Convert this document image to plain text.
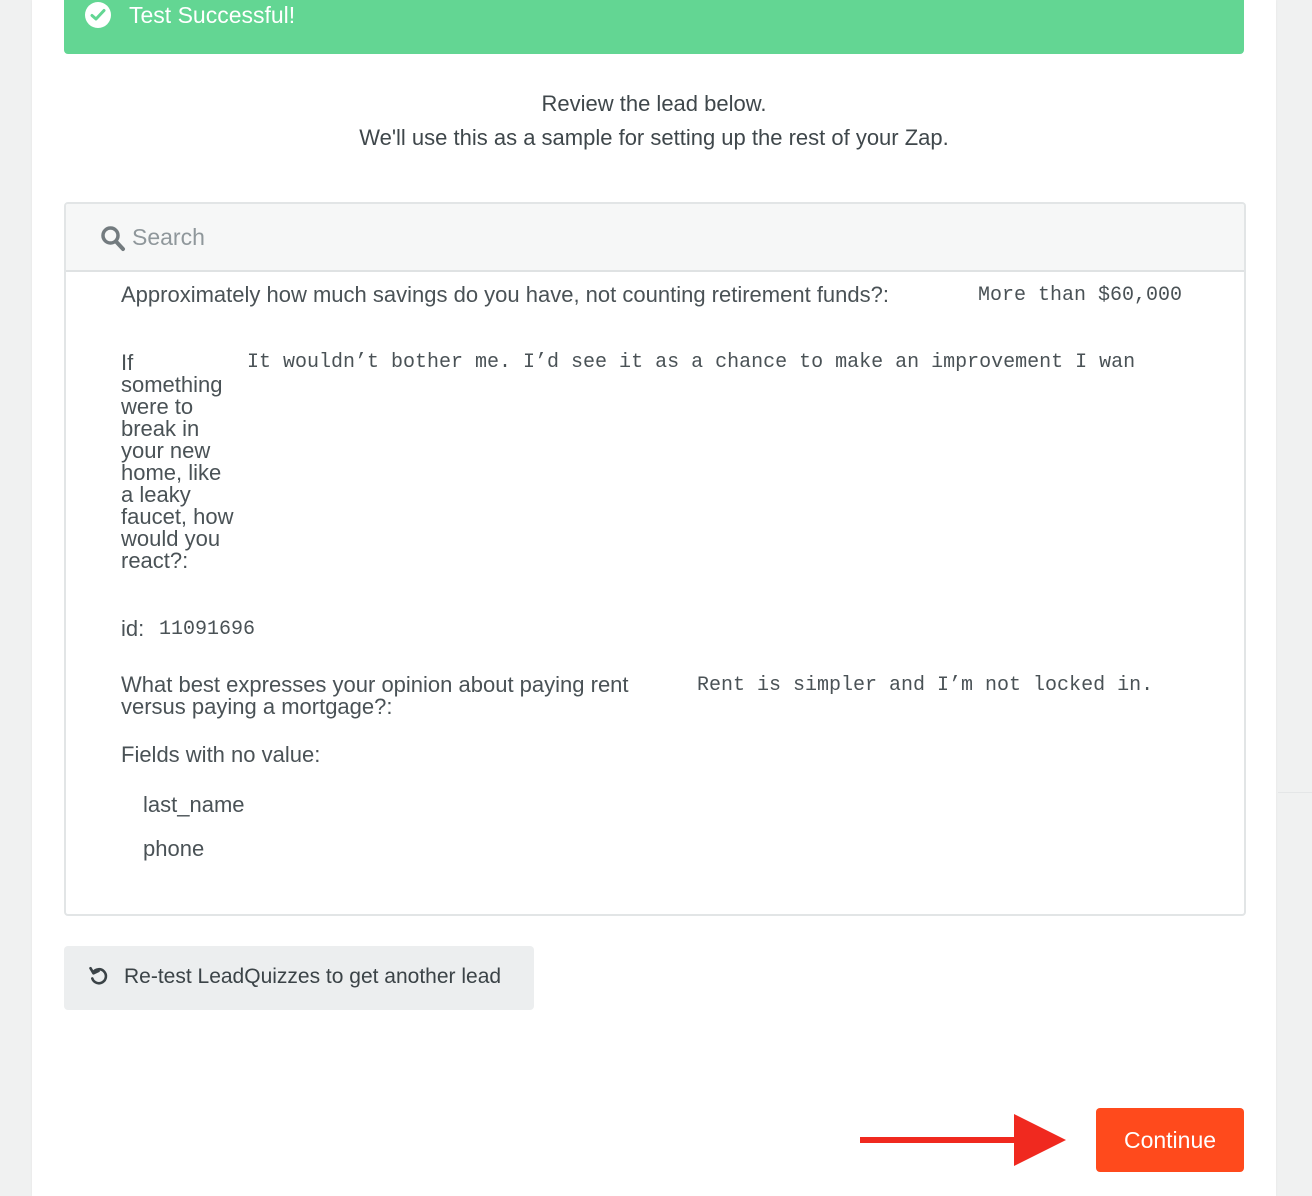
Test Successful!
Review the lead below.
We'll use this as a sample for setting up the rest of your Zap.
Search
Approximately how much savings do you have, not counting retirement funds?:	More than $60,000
If something were to break in your new home, like a leaky faucet, how would you react?:
It wouldn’t bother me. I’d see it as a chance to make an improvement I wan
id: 11091696
What best expresses your opinion about paying rent versus paying a mortgage?:
Rent is simpler and I’m not locked in.
Fields with no value:
last_name
phone
Re-test LeadQuizzes to get another lead
Continue
